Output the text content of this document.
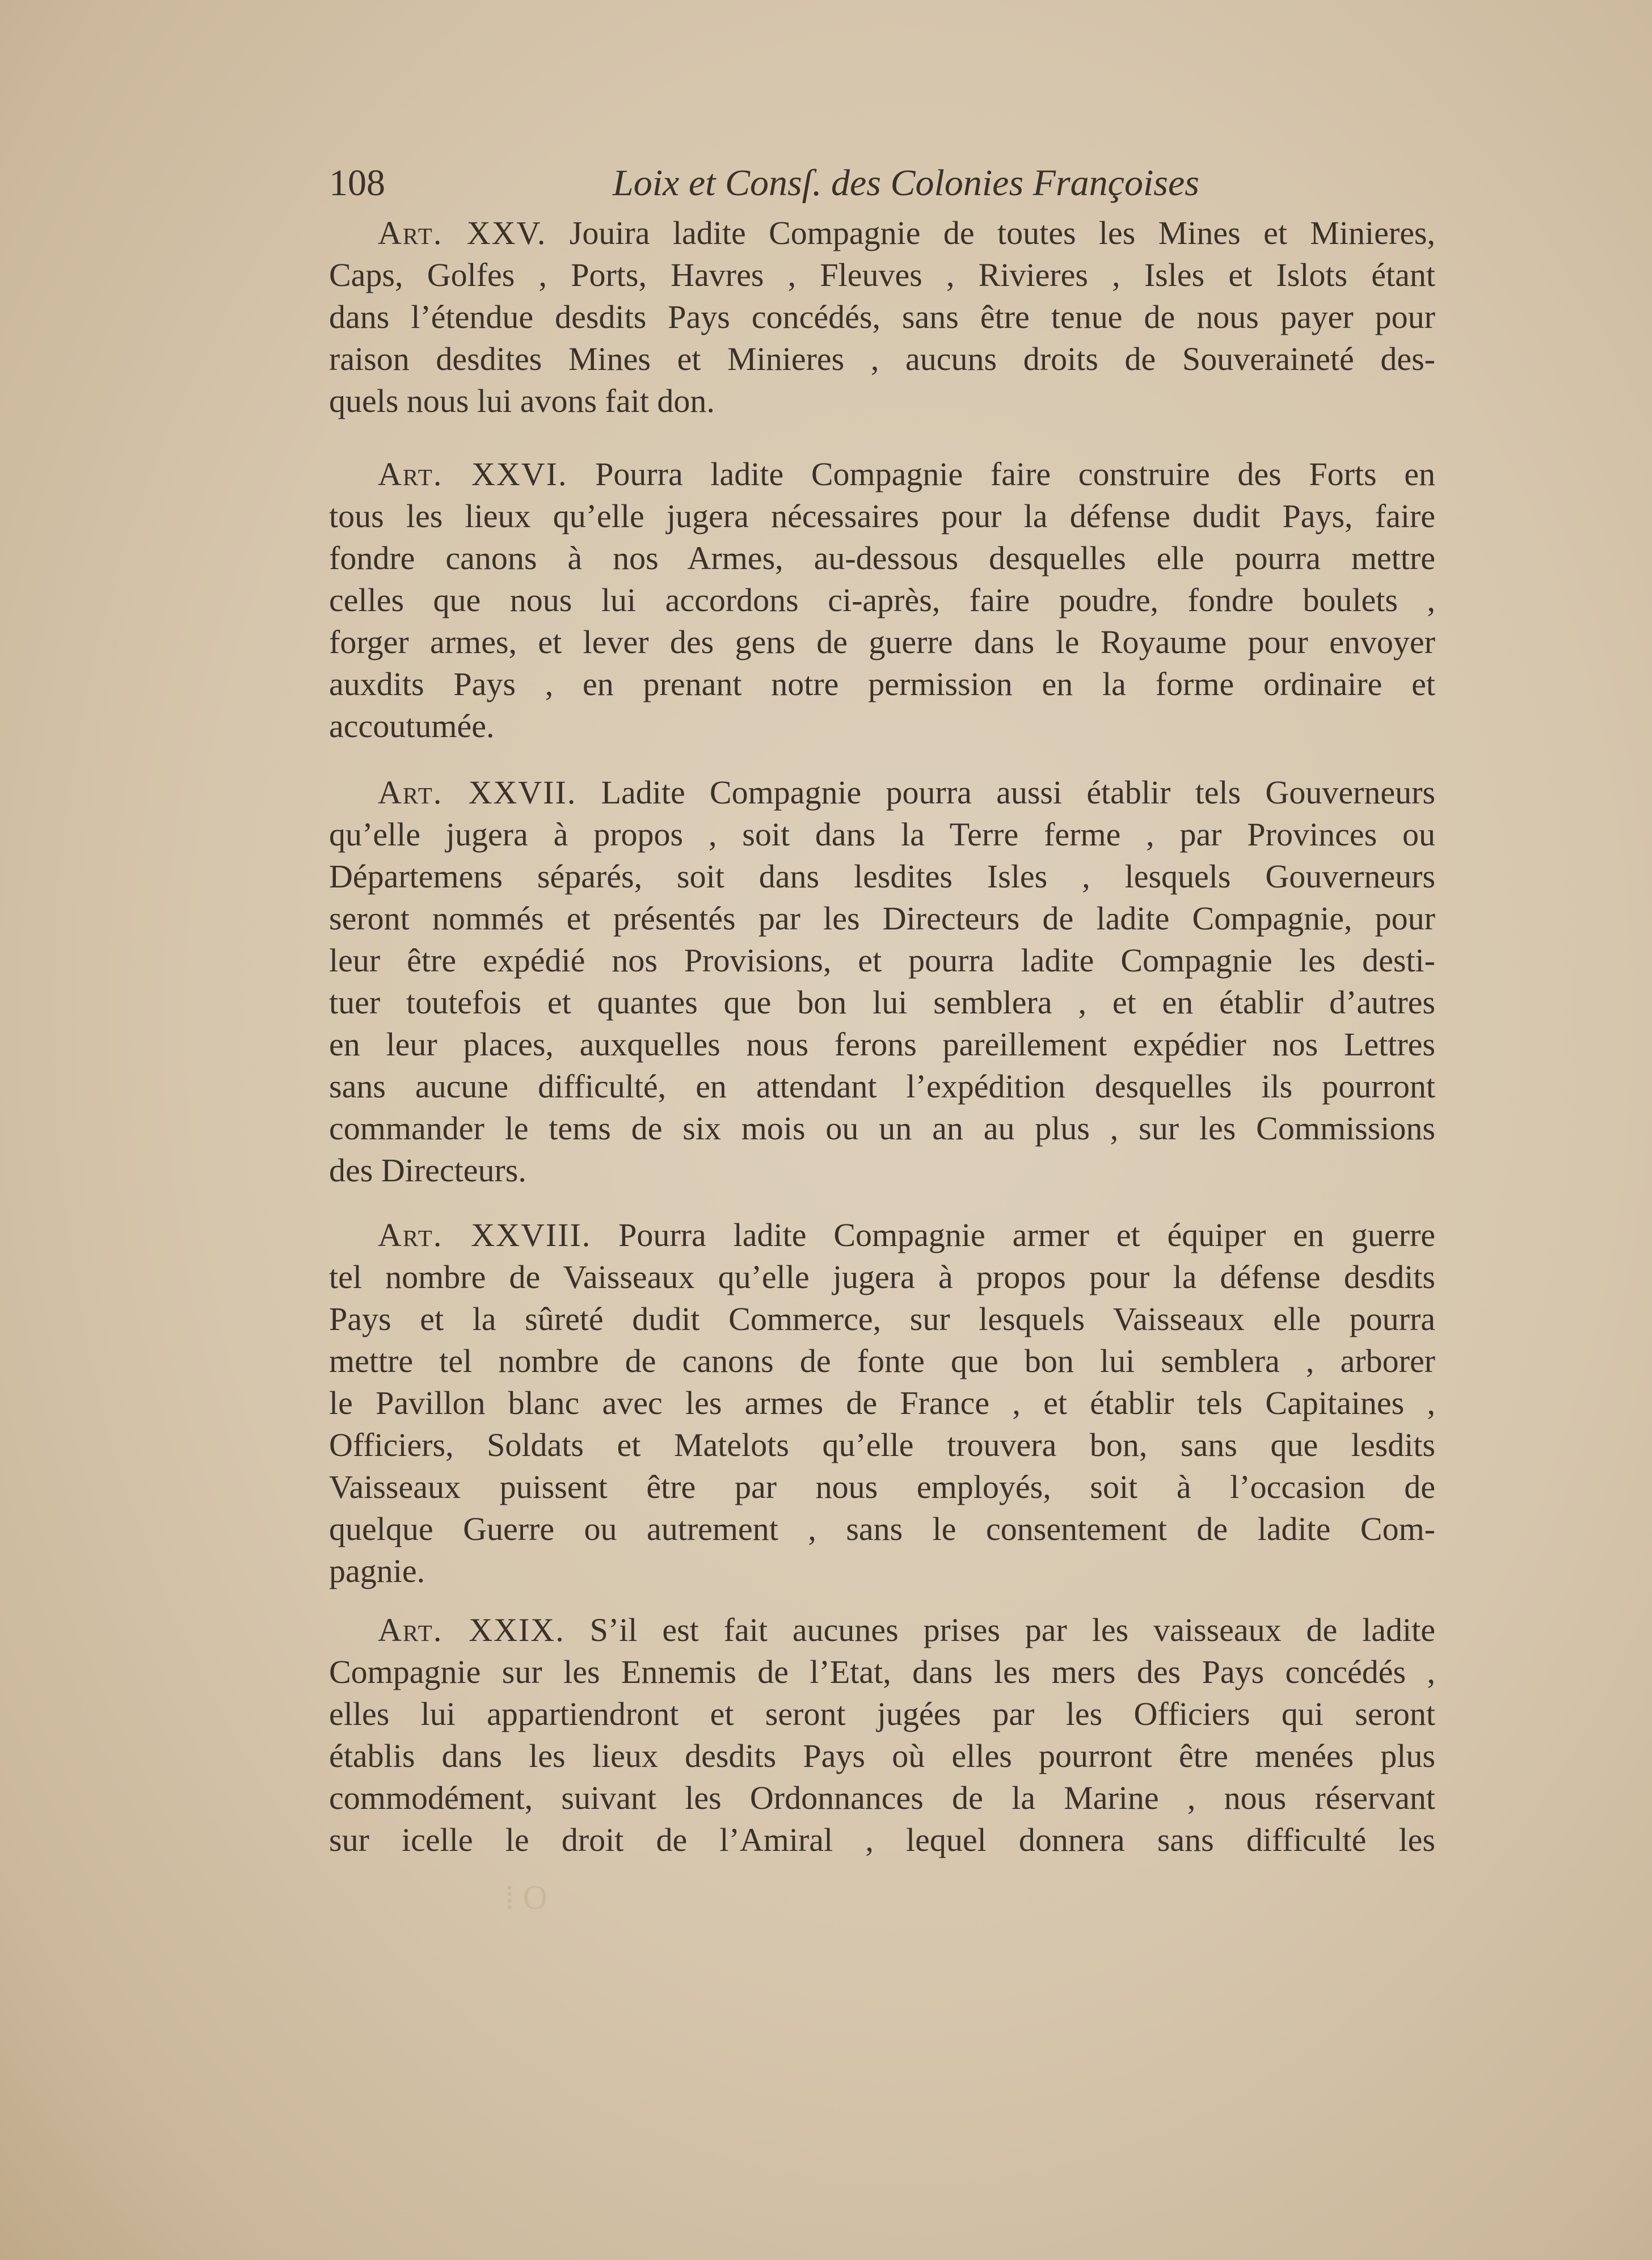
108	Loix et Consſ. des Colonies Françoises
Art. XXV. Jouira ladite Compagnie de toutes les Mines et Minieres,
Caps, Golfes , Ports, Havres , Fleuves , Rivieres , Isles et Islots étant
dans l’étendue desdits Pays concédés, sans être tenue de nous payer pour
raison desdites Mines et Minieres , aucuns droits de Souveraineté des-
quels nous lui avons fait don.
Art. XXVI. Pourra ladite Compagnie faire construire des Forts en
tous les lieux qu’elle jugera nécessaires pour la défense dudit Pays, faire
fondre canons à nos Armes, au-dessous desquelles elle pourra mettre
celles que nous lui accordons ci-après, faire poudre, fondre boulets ,
forger armes, et lever des gens de guerre dans le Royaume pour envoyer
auxdits Pays , en prenant notre permission en la forme ordinaire et
accoutumée.
Art. XXVII. Ladite Compagnie pourra aussi établir tels Gouverneurs
qu’elle jugera à propos , soit dans la Terre ferme , par Provinces ou
Départemens séparés, soit dans lesdites Isles , lesquels Gouverneurs
seront nommés et présentés par les Directeurs de ladite Compagnie, pour
leur être expédié nos Provisions, et pourra ladite Compagnie les desti-
tuer toutefois et quantes que bon lui semblera , et en établir d’autres
en leur places, auxquelles nous ferons pareillement expédier nos Lettres
sans aucune difficulté, en attendant l’expédition desquelles ils pourront
commander le tems de six mois ou un an au plus , sur les Commissions
des Directeurs.
Art. XXVIII. Pourra ladite Compagnie armer et équiper en guerre
tel nombre de Vaisseaux qu’elle jugera à propos pour la défense desdits
Pays et la sûreté dudit Commerce, sur lesquels Vaisseaux elle pourra
mettre tel nombre de canons de fonte que bon lui semblera , arborer
le Pavillon blanc avec les armes de France , et établir tels Capitaines ,
Officiers, Soldats et Matelots qu’elle trouvera bon, sans que lesdits
Vaisseaux puissent être par nous employés, soit à l’occasion de
quelque Guerre ou autrement , sans le consentement de ladite Com-
pagnie.
Art. XXIX. S’il est fait aucunes prises par les vaisseaux de ladite
Compagnie sur les Ennemis de l’Etat, dans les mers des Pays concédés ,
elles lui appartiendront et seront jugées par les Officiers qui seront
établis dans les lieux desdits Pays où elles pourront être menées plus
commodément, suivant les Ordonnances de la Marine , nous réservant
sur icelle le droit de l’Amiral , lequel donnera sans difficulté les
⁞ O
